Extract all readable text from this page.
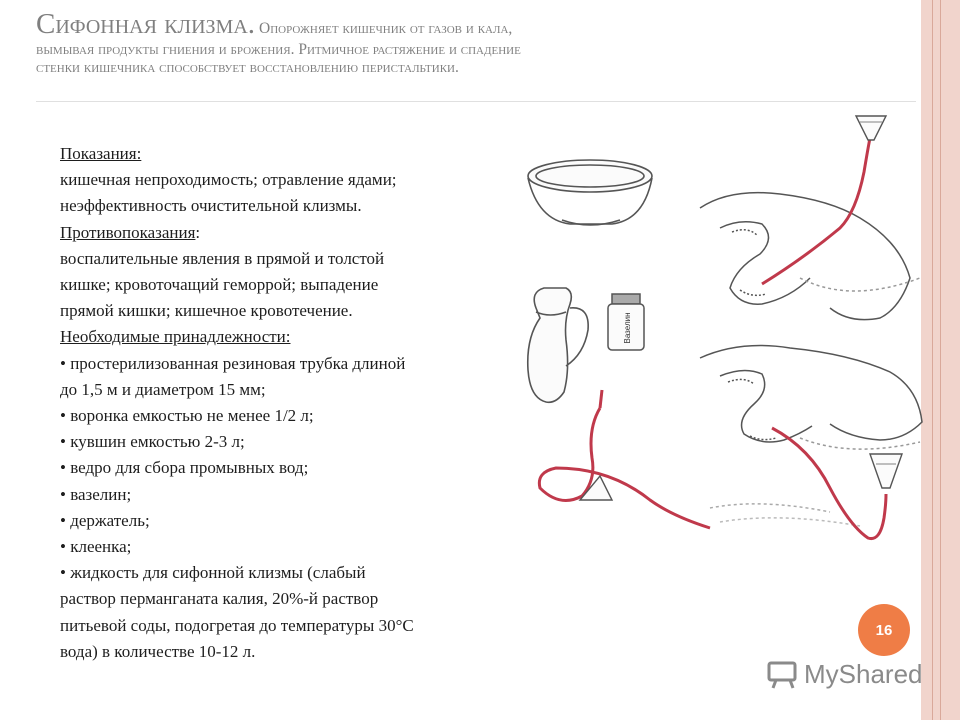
Сифонная клизма. Опорожняет кишечник от газов и кала,
вымывая продукты гниения и брожения. Ритмичное растяжение и спадение
стенки кишечника способствует восстановлению перистальтики.
Вазелин
Показания:
кишечная непроходимость; отравление ядами;
неэффективность очистительной клизмы.
Противопоказания:
воспалительные явления в прямой и толстой
кишке; кровоточащий геморрой; выпадение
прямой кишки; кишечное кровотечение.
Необходимые принадлежности:
• простерилизованная резиновая трубка длиной
до 1,5 м и диаметром 15 мм;
• воронка емкостью не менее 1/2 л;
• кувшин емкостью 2-3 л;
• ведро для сбора промывных вод;
• вазелин;
• держатель;
• клеенка;
• жидкость для сифонной клизмы (слабый
раствор перманганата калия, 20%-й раствор
питьевой соды, подогретая до температуры 30°С
вода) в количестве 10-12 л.
16
MyShared
